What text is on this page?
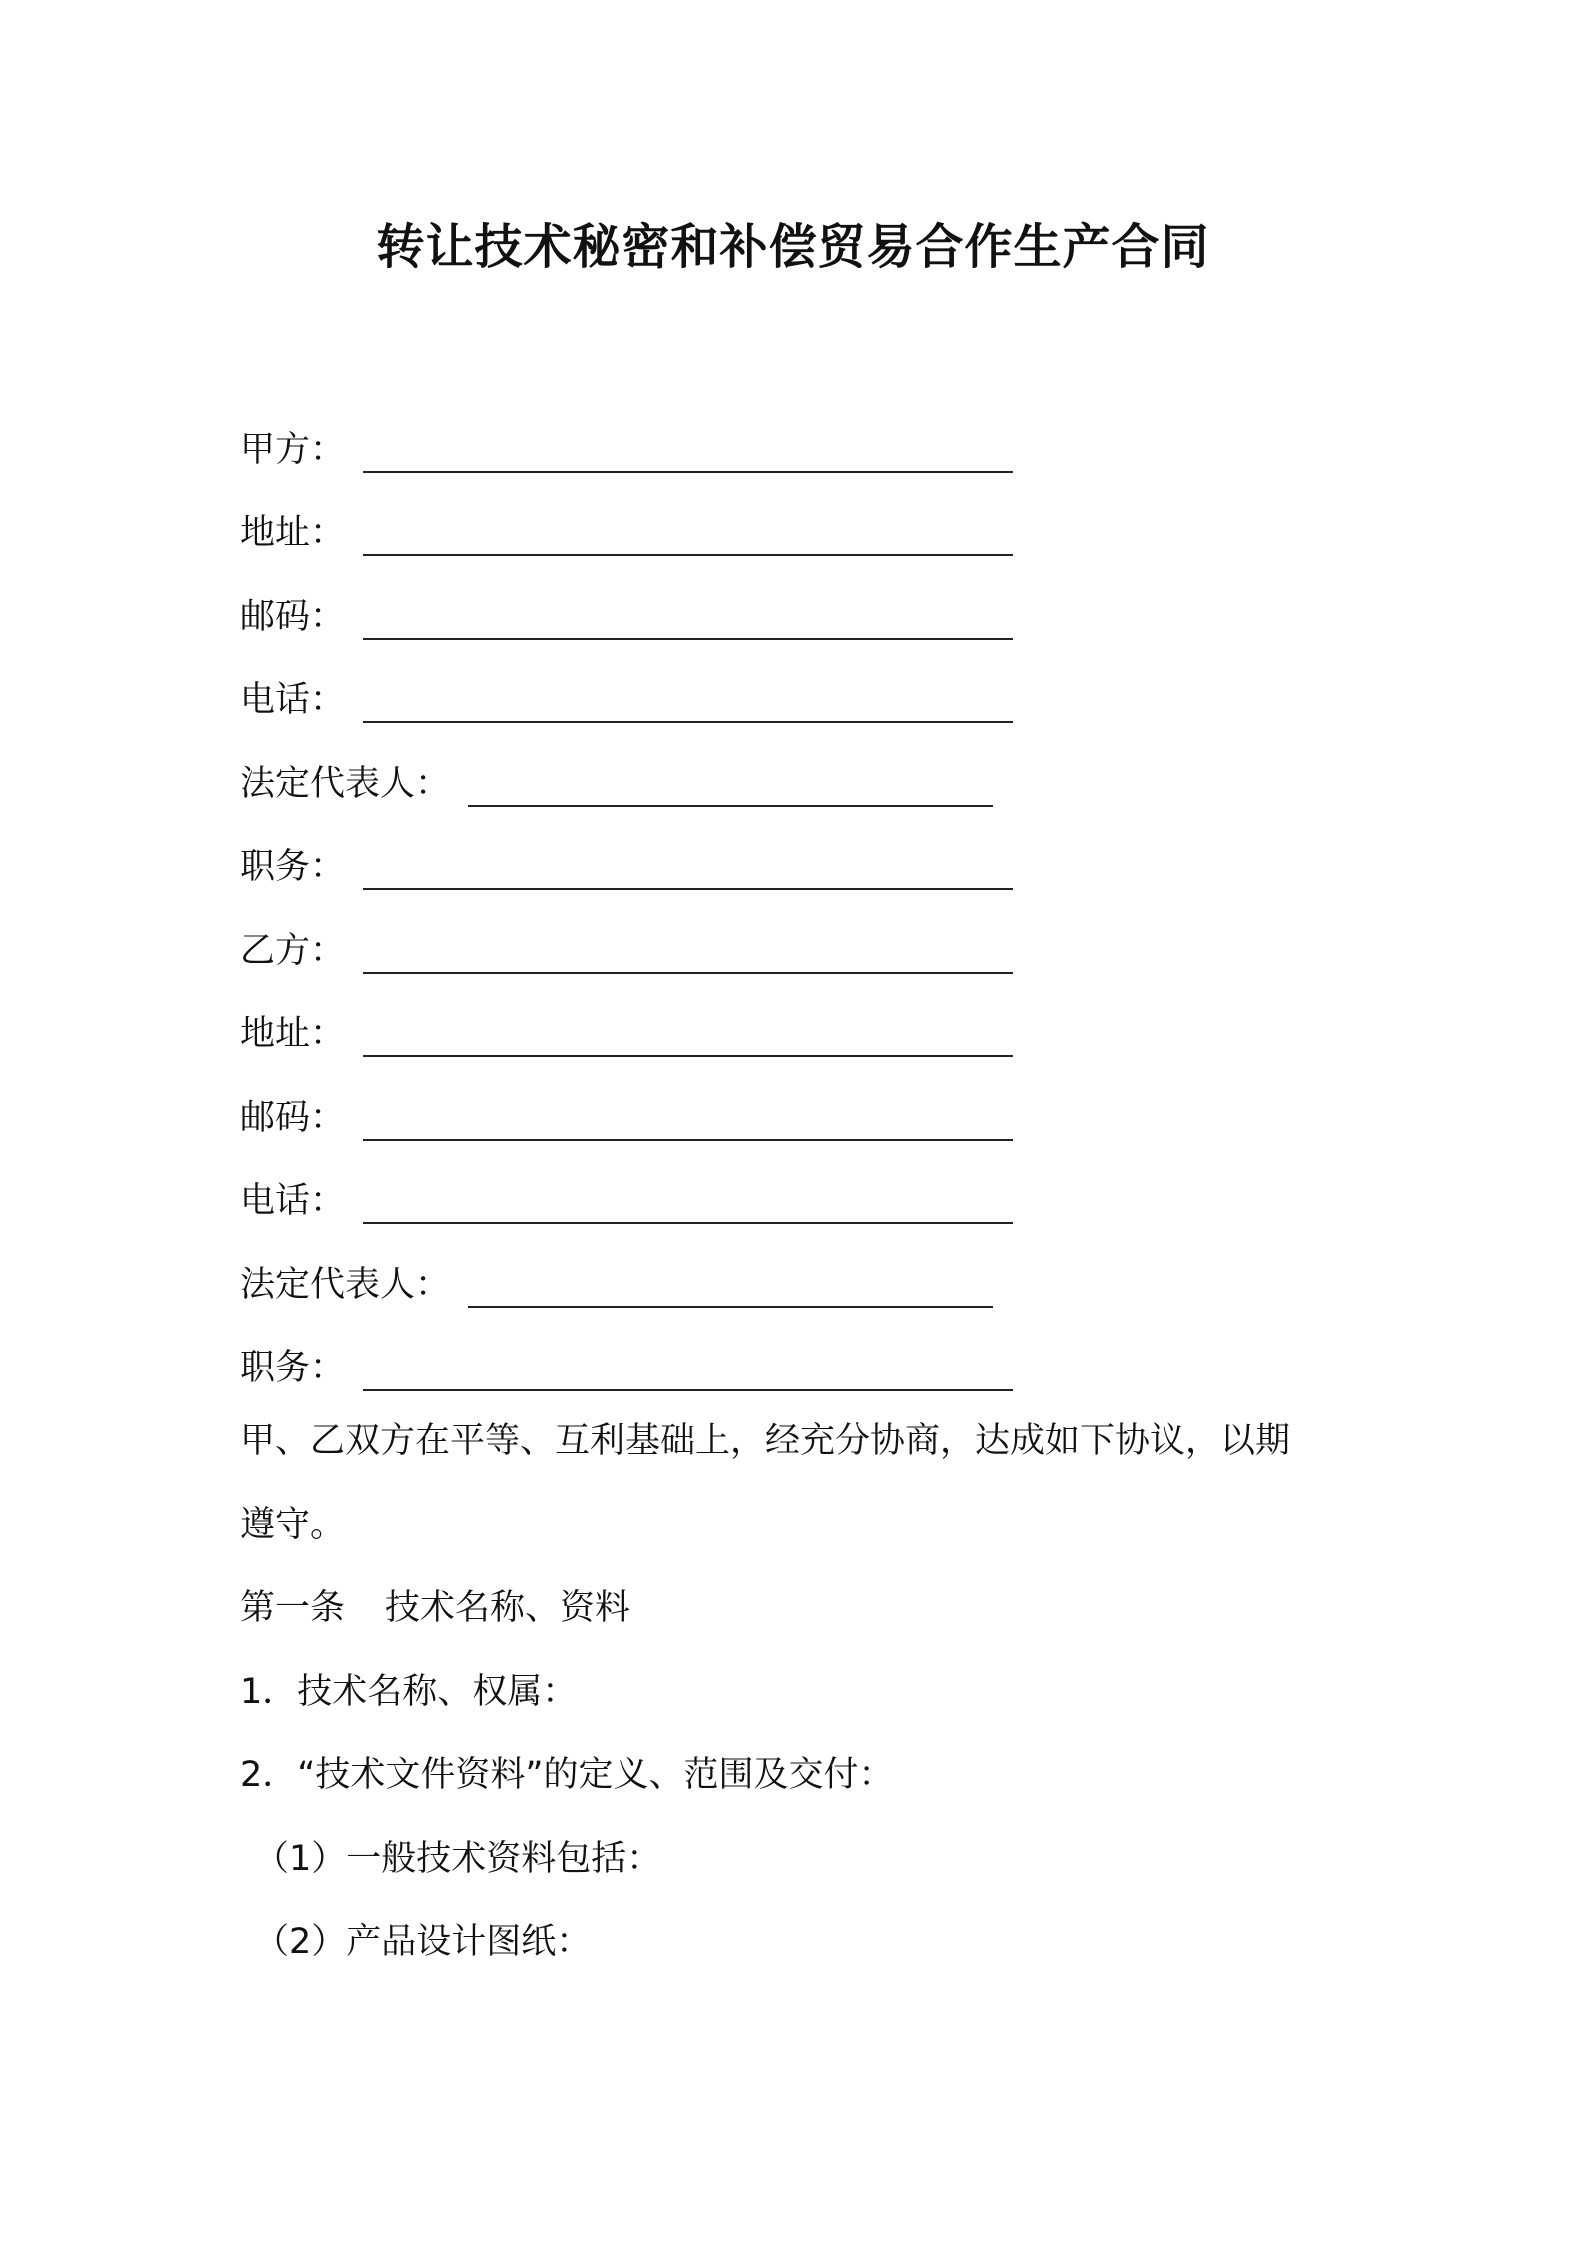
转让技术秘密和补偿贸易合作生产合同
甲方：
地址：
邮码：
电话：
法定代表人：
职务：
乙方：
地址：
邮码：
电话：
法定代表人：
职务：

甲、乙双方在平等、互利基础上，经充分协商，达成如下协议，以期

遵守。

第一条 技术名称、资料

1．技术名称、权属：

2．“技术文件资料”的定义、范围及交付：

（1）一般技术资料包括：

（2）产品设计图纸：
